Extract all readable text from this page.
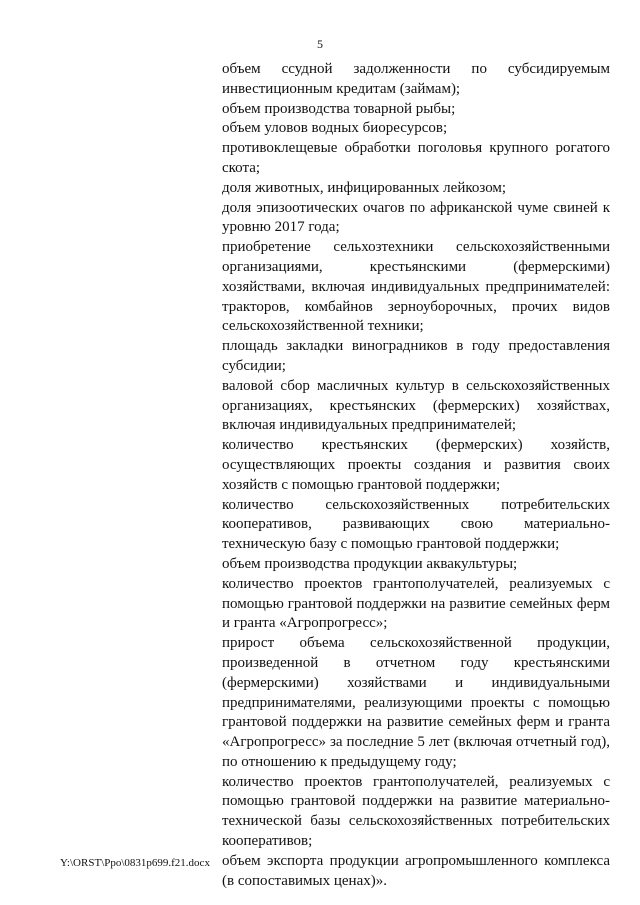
5

объем ссудной задолженности по субсидируемым инвестиционным кредитам (займам);

объем производства товарной рыбы;

объем уловов водных биоресурсов;

противоклещевые обработки поголовья крупного рогатого скота;

доля животных, инфицированных лейкозом;

доля эпизоотических очагов по африканской чуме свиней к уровню 2017 года;

приобретение сельхозтехники сельскохозяйственными организациями, крестьянскими (фермерскими) хозяйствами, включая индивидуальных предпринимателей: тракторов, комбайнов зерноуборочных, прочих видов сельскохозяйственной техники;

площадь закладки виноградников в году предоставления субсидии;

валовой сбор масличных культур в сельскохозяйственных организациях, крестьянских (фермерских) хозяйствах, включая индивидуальных предпринимателей;

количество крестьянских (фермерских) хозяйств, осуществляющих проекты создания и развития своих хозяйств с помощью грантовой поддержки;

количество сельскохозяйственных потребительских кооперативов, развивающих свою материально-техническую базу с помощью грантовой поддержки;

объем производства продукции аквакультуры;

количество проектов грантополучателей, реализуемых с помощью грантовой поддержки на развитие семейных ферм и гранта «Агропрогресс»;

прирост объема сельскохозяйственной продукции, произведенной в отчетном году крестьянскими (фермерскими) хозяйствами и индивидуальными предпринимателями, реализующими проекты с помощью грантовой поддержки на развитие семейных ферм и гранта «Агропрогресс» за последние 5 лет (включая отчетный год), по отношению к предыдущему году;

количество проектов грантополучателей, реализуемых с помощью грантовой поддержки на развитие материально-технической базы сельскохозяйственных потребительских кооперативов;

объем экспорта продукции агропромышленного комплекса (в сопоставимых ценах)».

Y:\ORST\Ppo\0831p699.f21.docx
